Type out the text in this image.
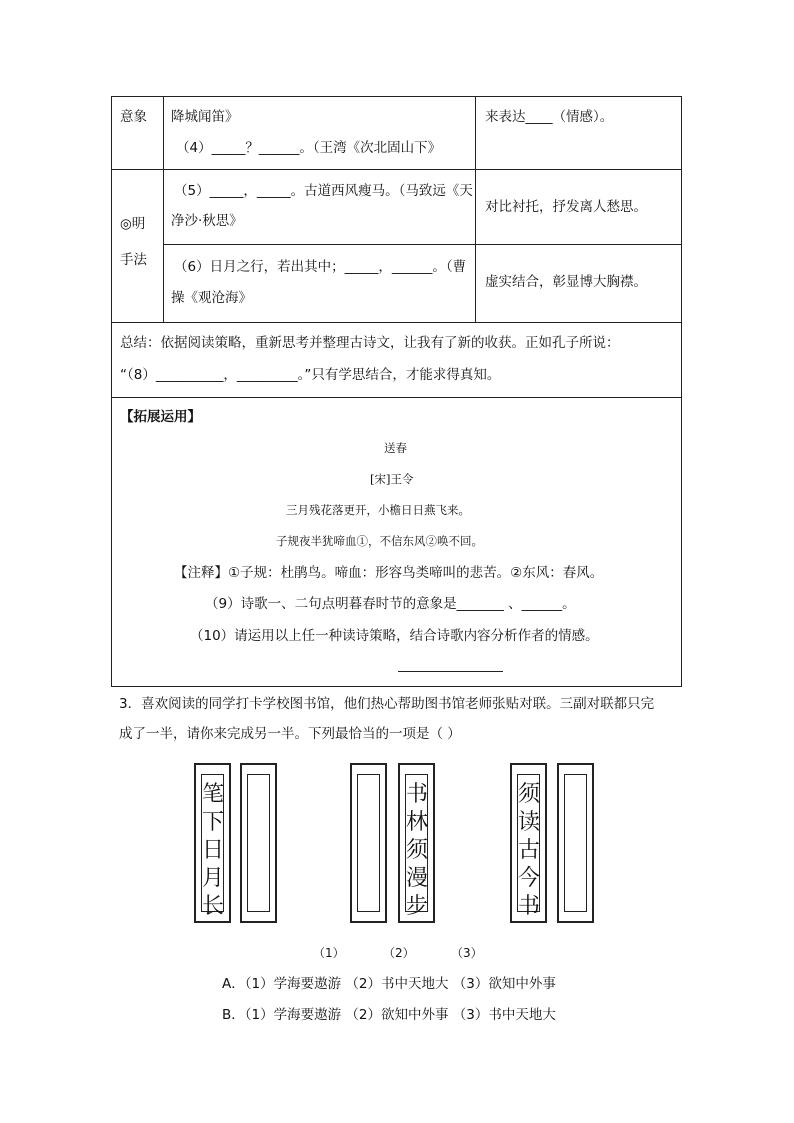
意象 降城闻笛》
（4）_____？______。（王湾《次北固山下》
来表达____（情感）。
◎明
手法
（5）_____，_____。古道西风瘦马。（马致远《天
净沙·秋思》
对比衬托，抒发离人愁思。
（6）日月之行，若出其中；_____，______。（曹
操《观沧海》
虚实结合，彰显博大胸襟。
总结：依据阅读策略，重新思考并整理古诗文，让我有了新的收获。正如孔子所说：
“（8）__________，_________。”只有学思结合，才能求得真知。
【拓展运用】
送春
[宋]王令
三月残花落更开，小檐日日燕飞来。
子规夜半犹啼血①，不信东风②唤不回。
【注释】①子规：杜鹃鸟。啼血：形容鸟类啼叫的悲苦。②东风：春风。
（9）诗歌一、二句点明暮春时节的意象是_______ 、______。
（10）请运用以上任一种读诗策略，结合诗歌内容分析作者的情感。
3．喜欢阅读的同学打卡学校图书馆，他们热心帮助图书馆老师张贴对联。三副对联都只完
成了一半，请你来完成另一半。下列最恰当的一项是（ ）
笔下日月长
书林须漫步
须读古今书
（1）	（2）	（3）
A．（1）学海要遨游 （2）书中天地大 （3）欲知中外事
B．（1）学海要遨游 （2）欲知中外事 （3）书中天地大
